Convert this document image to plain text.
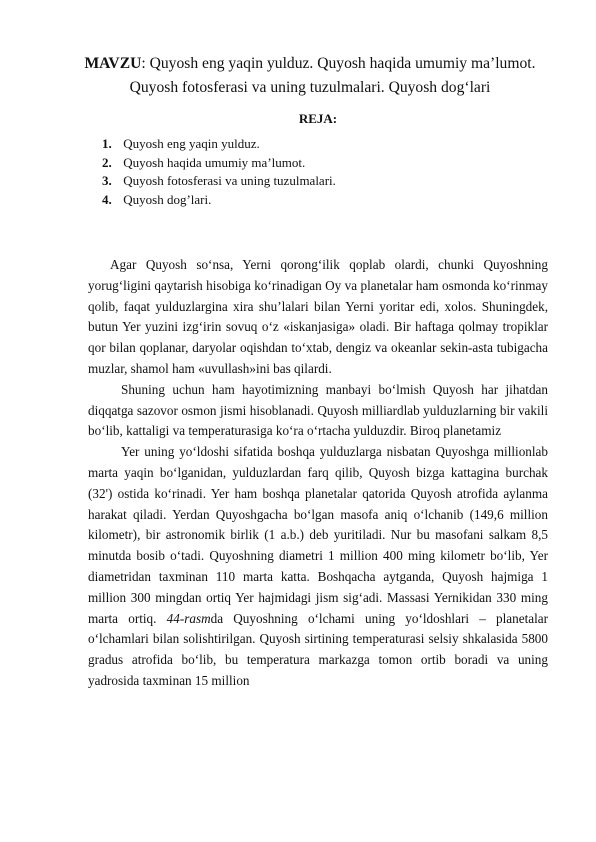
MAVZU: Quyosh eng yaqin yulduz. Quyosh haqida umumiy ma’lumot. Quyosh fotosferasi va uning tuzulmalari. Quyosh dog‘lari
REJA:
1. Quyosh eng yaqin yulduz.
2. Quyosh haqida umumiy ma’lumot.
3. Quyosh fotosferasi va uning tuzulmalari.
4. Quyosh dog’lari.

Agar Quyosh so‘nsa, Yerni qorong‘ilik qoplab olardi, chunki Quyoshning yorug‘ligini qaytarish hisobiga ko‘rinadigan Oy va planetalar ham osmonda ko‘rinmay qolib, faqat yulduzlargina xira shu’lalari bilan Yerni yoritar edi, xolos. Shuningdek, butun Yer yuzini izg‘irin sovuq o‘z «iskanjasiga» oladi. Bir haftaga qolmay tropiklar qor bilan qoplanar, daryolar oqishdan to‘xtab, dengiz va okeanlar sekin-asta tubigacha muzlar, shamol ham «uvullash»ini bas qilardi.

Shuning uchun ham hayotimizning manbayi bo‘lmish Quyosh har jihatdan diqqatga sazovor osmon jismi hisoblanadi. Quyosh milliardlab yulduzlarning bir vakili bo‘lib, kattaligi va temperaturasiga ko‘ra o‘rtacha yulduzdir. Biroq planetamiz

Yer uning yo‘ldoshi sifatida boshqa yulduzlarga nisbatan Quyoshga millionlab marta yaqin bo‘lganidan, yulduzlardan farq qilib, Quyosh bizga kattagina burchak (32') ostida ko‘rinadi. Yer ham boshqa planetalar qatorida Quyosh atrofida aylanma harakat qiladi. Yerdan Quyoshgacha bo‘lgan masofa aniq o‘lchanib (149,6 million kilometr), bir astronomik birlik (1 a.b.) deb yuritiladi. Nur bu masofani salkam 8,5 minutda bosib o‘tadi. Quyoshning diametri 1 million 400 ming kilometr bo‘lib, Yer diametridan taxminan 110 marta katta. Boshqacha aytganda, Quyosh hajmiga 1 million 300 mingdan ortiq Yer hajmidagi jism sig‘adi. Massasi Yernikidan 330 ming marta ortiq. 44-rasmda Quyoshning o‘lchami uning yo‘ldoshlari – planetalar o‘lchamlari bilan solishtirilgan. Quyosh sirtining temperaturasi selsiy shkalasida 5800 gradus atrofida bo‘lib, bu temperatura markazga tomon ortib boradi va uning yadrosida taxminan 15 million
